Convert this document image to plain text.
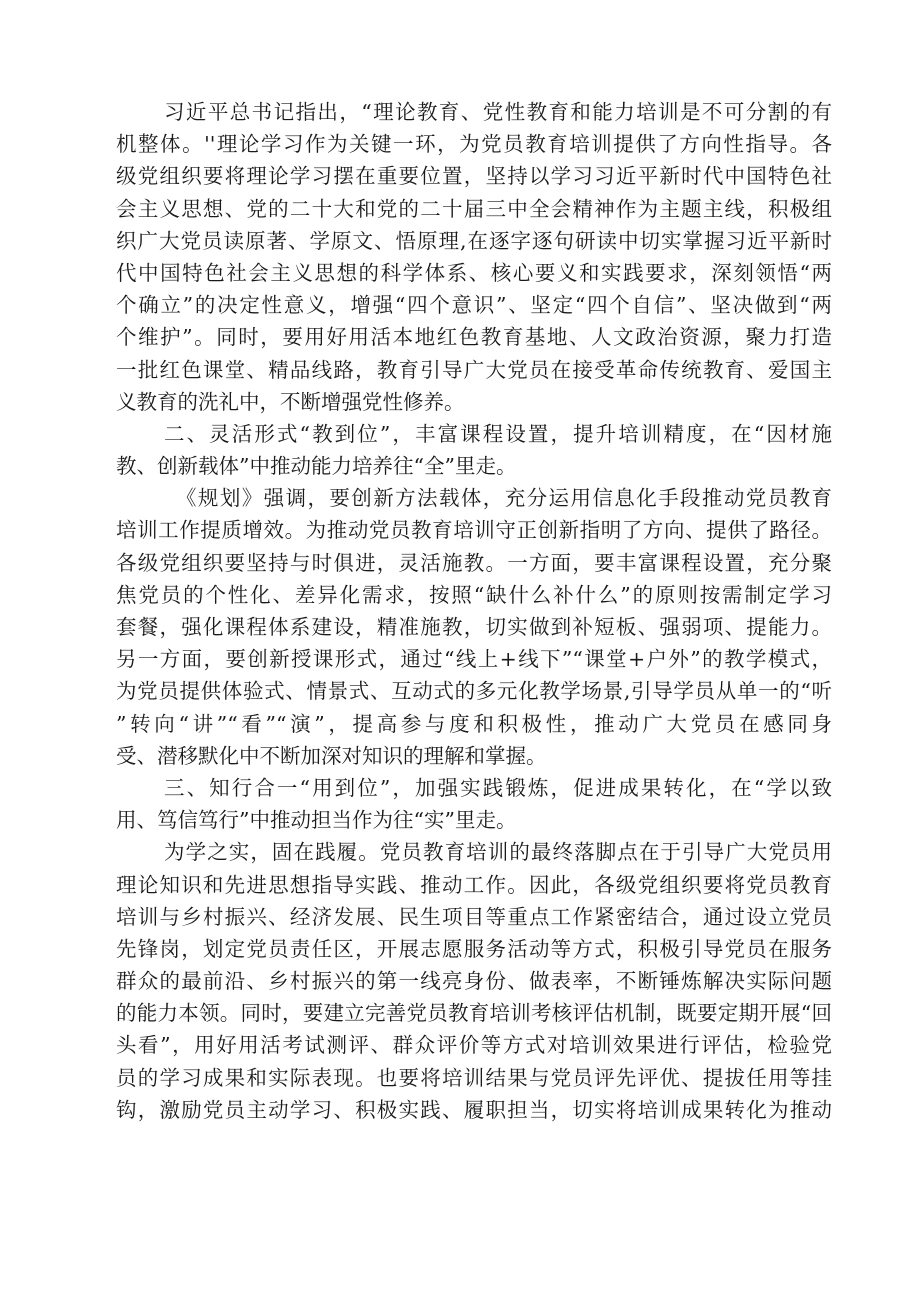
习近平总书记指出，“理论教育、党性教育和能力培训是不可分割的有
机整体。''理论学习作为关键一环，为党员教育培训提供了方向性指导。各
级党组织要将理论学习摆在重要位置，坚持以学习习近平新时代中国特色社
会主义思想、党的二十大和党的二十届三中全会精神作为主题主线，积极组
织广大党员读原著、学原文、悟原理,在逐字逐句研读中切实掌握习近平新时
代中国特色社会主义思想的科学体系、核心要义和实践要求，深刻领悟“两
个确立”的决定性意义，增强“四个意识”、坚定“四个自信”、坚决做到“两
个维护”。同时，要用好用活本地红色教育基地、人文政治资源，聚力打造
一批红色课堂、精品线路，教育引导广大党员在接受革命传统教育、爱国主
义教育的洗礼中，不断增强党性修养。
二、灵活形式“教到位”，丰富课程设置，提升培训精度，在“因材施
教、创新载体”中推动能力培养往“全”里走。
《规划》强调，要创新方法载体，充分运用信息化手段推动党员教育
培训工作提质增效。为推动党员教育培训守正创新指明了方向、提供了路径。
各级党组织要坚持与时俱进，灵活施教。一方面，要丰富课程设置，充分聚
焦党员的个性化、差异化需求，按照“缺什么补什么”的原则按需制定学习
套餐，强化课程体系建设，精准施教，切实做到补短板、强弱项、提能力。
另一方面，要创新授课形式，通过“线上+线下”“课堂+户外”的教学模式，
为党员提供体验式、情景式、互动式的多元化教学场景,引导学员从单一的“听
”转向“讲”“看”“演”，提高参与度和积极性，推动广大党员在感同身
受、潜移默化中不断加深对知识的理解和掌握。
三、知行合一“用到位”，加强实践锻炼，促进成果转化，在“学以致
用、笃信笃行”中推动担当作为往“实”里走。
为学之实，固在践履。党员教育培训的最终落脚点在于引导广大党员用
理论知识和先进思想指导实践、推动工作。因此，各级党组织要将党员教育
培训与乡村振兴、经济发展、民生项目等重点工作紧密结合，通过设立党员
先锋岗，划定党员责任区，开展志愿服务活动等方式，积极引导党员在服务
群众的最前沿、乡村振兴的第一线亮身份、做表率，不断锤炼解决实际问题
的能力本领。同时，要建立完善党员教育培训考核评估机制，既要定期开展“回
头看”，用好用活考试测评、群众评价等方式对培训效果进行评估，检验党
员的学习成果和实际表现。也要将培训结果与党员评先评优、提拔任用等挂
钩，激励党员主动学习、积极实践、履职担当，切实将培训成果转化为推动
